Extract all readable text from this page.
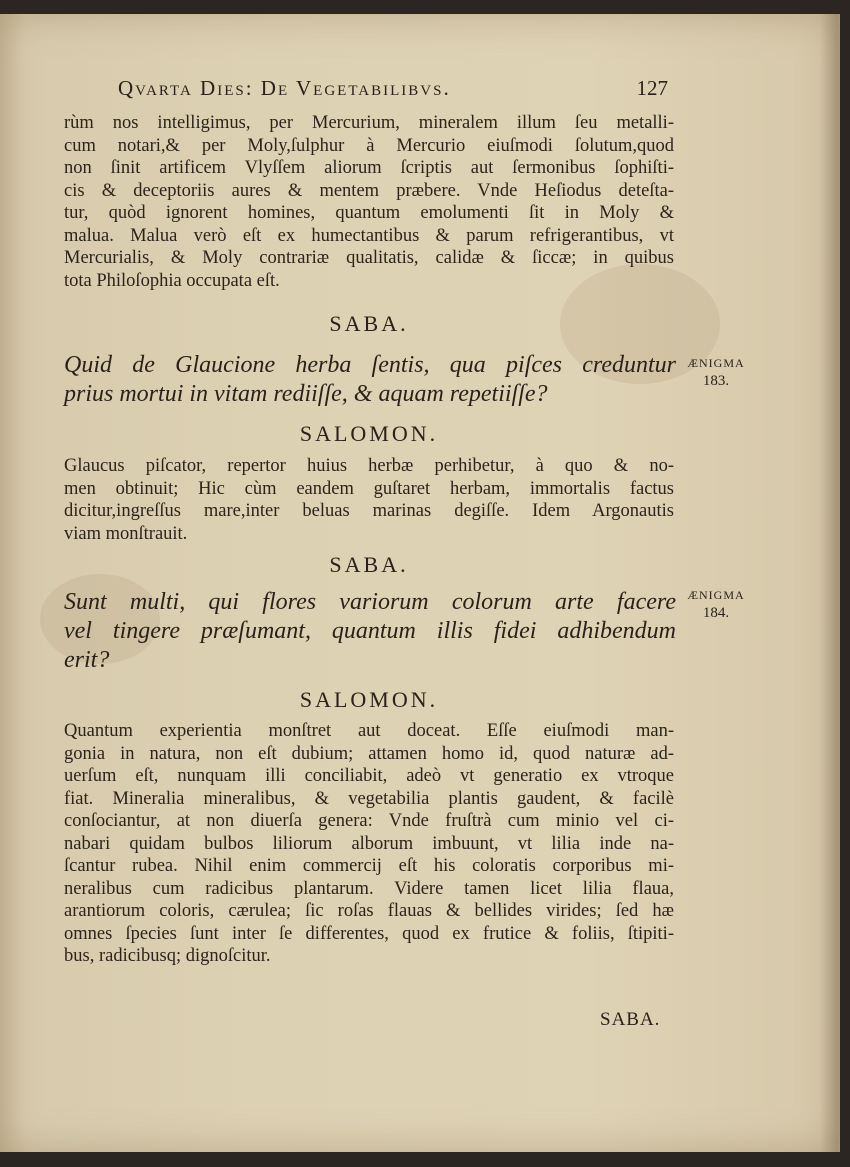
Qvarta Dies: De Vegetabilibvs.	127
rùm nos intelligimus, per Mercurium, mineralem illum ſeu metalli-
cum notari,& per Moly,ſulphur à Mercurio eiuſmodi ſolutum,quod
non ſinit artificem Vlyſſem aliorum ſcriptis aut ſermonibus ſophiſti-
cis & deceptoriis aures & mentem præbere. Vnde Heſiodus deteſta-
tur, quòd ignorent homines, quantum emolumenti ſit in Moly &
malua. Malua verò eſt ex humectantibus & parum refrigerantibus, vt
Mercurialis, & Moly contrariæ qualitatis, calidæ & ſiccæ; in quibus
tota Philoſophia occupata eſt.
SABA.
Quid de Glaucione herba ſentis, qua piſces creduntur
prius mortui in vitam rediiſſe, & aquam repetiiſſe?
ÆNIGMA
183.
SALOMON.
Glaucus piſcator, repertor huius herbæ perhibetur, à quo & no-
men obtinuit; Hic cùm eandem guſtaret herbam, immortalis factus
dicitur,ingreſſus mare,inter beluas marinas degiſſe. Idem Argonautis
viam monſtrauit.
SABA.
Sunt multi, qui flores variorum colorum arte facere
vel tingere præſumant, quantum illis fidei adhibendum
erit?
ÆNIGMA
184.
SALOMON.
Quantum experientia monſtret aut doceat. Eſſe eiuſmodi man-
gonia in natura, non eſt dubium; attamen homo id, quod naturæ ad-
uerſum eſt, nunquam illi conciliabit, adeò vt generatio ex vtroque
fiat. Mineralia mineralibus, & vegetabilia plantis gaudent, & facilè
conſociantur, at non diuerſa genera: Vnde fruſtrà cum minio vel ci-
nabari quidam bulbos liliorum alborum imbuunt, vt lilia inde na-
ſcantur rubea. Nihil enim commercij eſt his coloratis corporibus mi-
neralibus cum radicibus plantarum. Videre tamen licet lilia flaua,
arantiorum coloris, cærulea; ſic roſas flauas & bellides virides; ſed hæ
omnes ſpecies ſunt inter ſe differentes, quod ex frutice & foliis, ſtipiti-
bus, radicibusq; dignoſcitur.
SABA.
